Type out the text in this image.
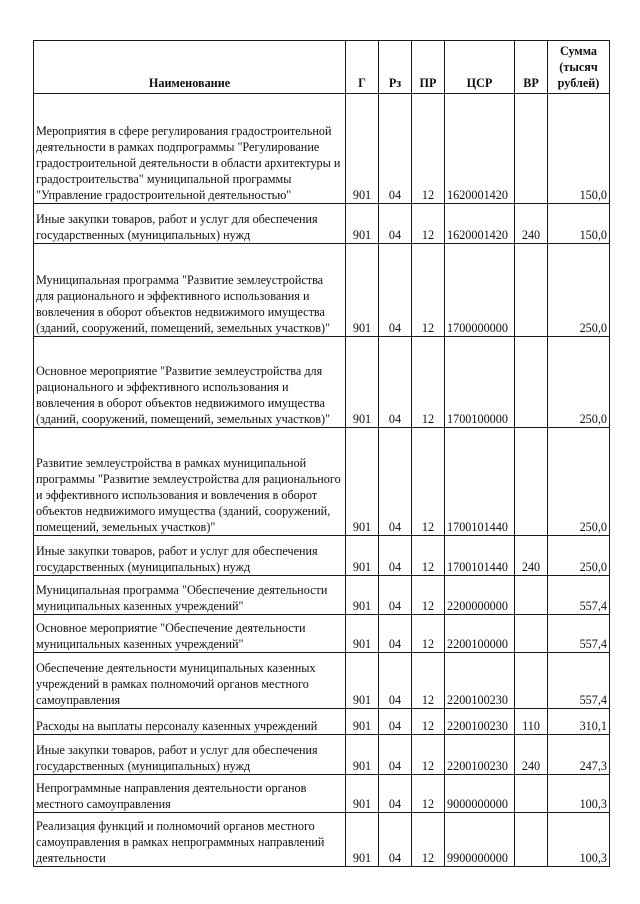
Наименование	Г	Рз	ПР	ЦСР	ВР	Сумма (тысяч рублей)
Мероприятия в сфере регулирования градостроительной деятельности в рамках подпрограммы "Регулирование градостроительной деятельности в области архитектуры и градостроительства" муниципальной программы "Управление градостроительной деятельностью"	901	04	12	1620001420		150,0
Иные закупки товаров, работ и услуг для обеспечения государственных (муниципальных) нужд	901	04	12	1620001420	240	150,0
Муниципальная программа "Развитие землеустройства для рационального и эффективного использования и вовлечения в оборот объектов недвижимого имущества (зданий, сооружений, помещений, земельных участков)"	901	04	12	1700000000		250,0
Основное мероприятие "Развитие землеустройства для рационального и эффективного использования и вовлечения в оборот объектов недвижимого имущества (зданий, сооружений, помещений, земельных участков)"	901	04	12	1700100000		250,0
Развитие землеустройства в рамках муниципальной программы "Развитие землеустройства для рационального и эффективного использования и вовлечения в оборот объектов недвижимого имущества (зданий, сооружений, помещений, земельных участков)"	901	04	12	1700101440		250,0
Иные закупки товаров, работ и услуг для обеспечения государственных (муниципальных) нужд	901	04	12	1700101440	240	250,0
Муниципальная программа "Обеспечение деятельности муниципальных казенных учреждений"	901	04	12	2200000000		557,4
Основное мероприятие "Обеспечение деятельности муниципальных казенных учреждений"	901	04	12	2200100000		557,4
Обеспечение деятельности муниципальных казенных учреждений в рамках полномочий органов местного самоуправления	901	04	12	2200100230		557,4
Расходы на выплаты персоналу казенных учреждений	901	04	12	2200100230	110	310,1
Иные закупки товаров, работ и услуг для обеспечения государственных (муниципальных) нужд	901	04	12	2200100230	240	247,3
Непрограммные направления деятельности органов местного самоуправления	901	04	12	9000000000		100,3
Реализация функций и полномочий органов местного самоуправления в рамках непрограммных направлений деятельности	901	04	12	9900000000		100,3
